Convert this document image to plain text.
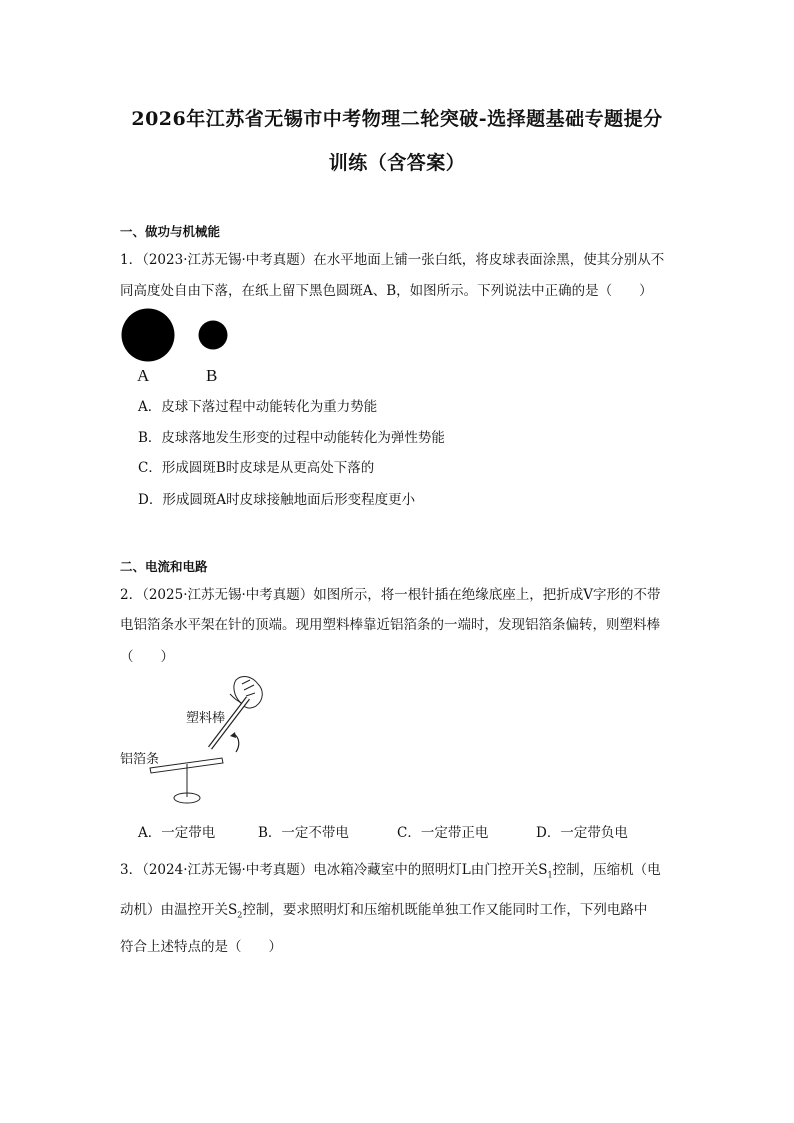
2026年江苏省无锡市中考物理二轮突破-选择题基础专题提分
训练（含答案）
一、做功与机械能
1．（2023·江苏无锡·中考真题）在水平地面上铺一张白纸，将皮球表面涂黑，使其分别从不
同高度处自由下落，在纸上留下黑色圆斑A、B，如图所示。下列说法中正确的是（　　）
A	B
A．皮球下落过程中动能转化为重力势能
B．皮球落地发生形变的过程中动能转化为弹性势能
C．形成圆斑B时皮球是从更高处下落的
D．形成圆斑A时皮球接触地面后形变程度更小
二、电流和电路
2．（2025·江苏无锡·中考真题）如图所示，将一根针插在绝缘底座上，把折成V字形的不带
电铝箔条水平架在针的顶端。现用塑料棒靠近铝箔条的一端时，发现铝箔条偏转，则塑料棒
（　　）
塑料棒
铝箔条
A．一定带电	B．一定不带电	C．一定带正电	D．一定带负电
3．（2024·江苏无锡·中考真题）电冰箱冷藏室中的照明灯L由门控开关$S_1$控制，压缩机（电
动机）由温控开关$S_2$控制，要求照明灯和压缩机既能单独工作又能同时工作，下列电路中
符合上述特点的是（　　）
